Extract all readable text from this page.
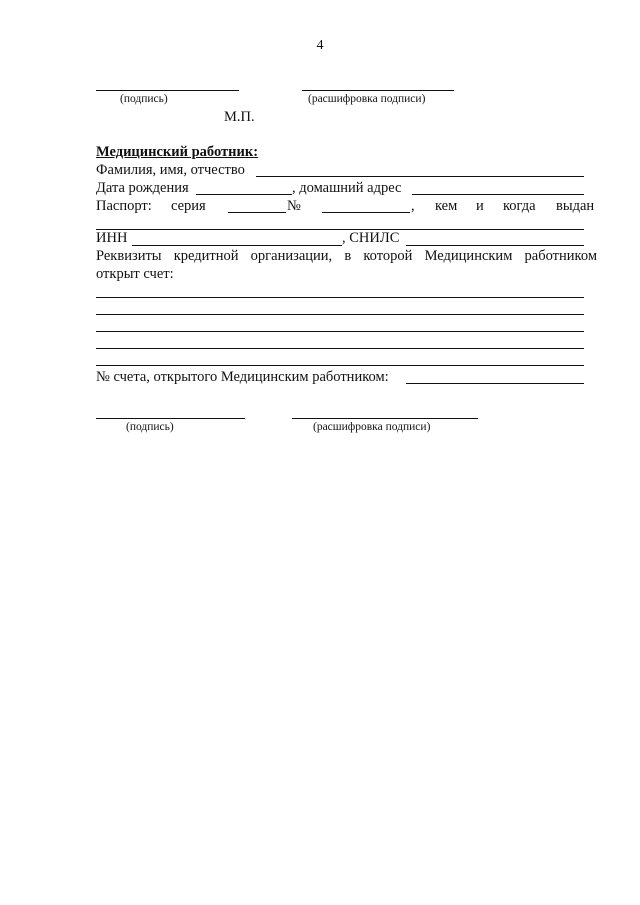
4
(подпись)	(расшифровка подписи)
М.П.
Медицинский работник:
Фамилия, имя, отчество
Дата рождения	, домашний адрес
Паспорт: серия	№	, кем и когда выдан
ИНН	, СНИЛС
Реквизиты кредитной организации, в которой Медицинским работником
открыт счет:
№ счета, открытого Медицинским работником:
(подпись)	(расшифровка подписи)
